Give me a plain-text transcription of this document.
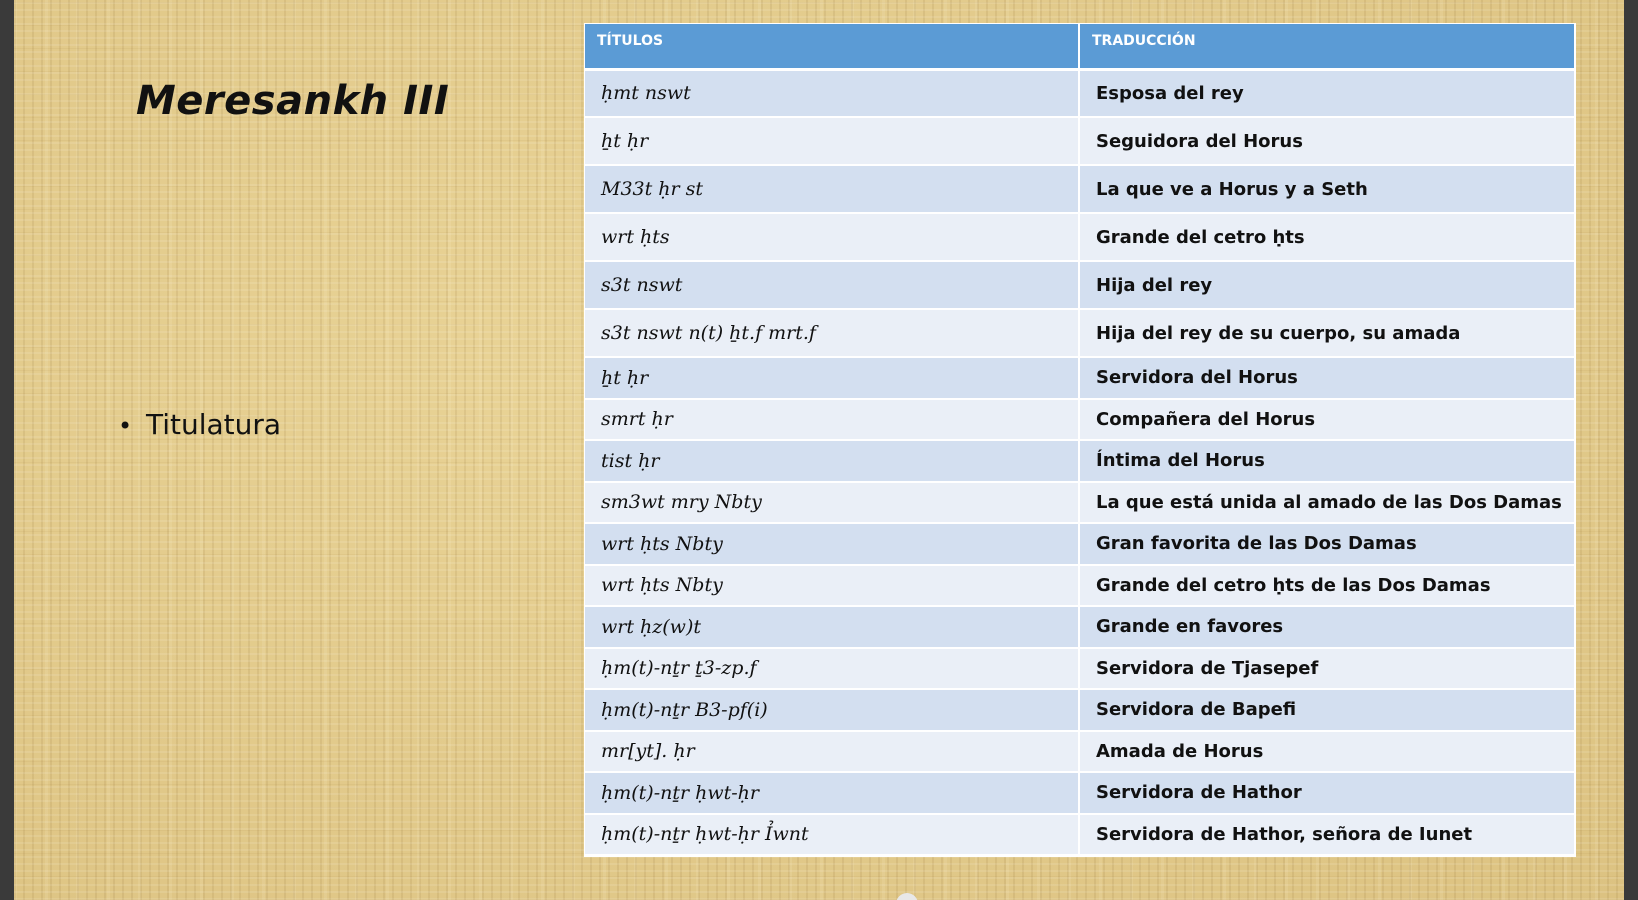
Meresankh III
• Titulatura
TÍTULOS	TRADUCCIÓN
ḥmt nswt	Esposa del rey
ẖt ḥr	Seguidora del Horus
M33t ḥr st	La que ve a Horus y a Seth
wrt ḥts	Grande del cetro ḥts
s3t nswt	Hija del rey
s3t nswt n(t) ẖt.f mrt.f	Hija del rey de su cuerpo, su amada
ẖt ḥr	Servidora del Horus
smrt ḥr	Compañera del Horus
tist ḥr	Íntima del Horus
sm3wt mry Nbty	La que está unida al amado de las Dos Damas
wrt ḥts Nbty	Gran favorita de las Dos Damas
wrt ḥts Nbty	Grande del cetro ḥts de las Dos Damas
wrt ḥz(w)t	Grande en favores
ḥm(t)-nṯr ṯ3-zp.f	Servidora de Tjasepef
ḥm(t)-nṯr B3-pf(i)	Servidora de Bapefi
mr[yt]. ḥr	Amada de Horus
ḥm(t)-nṯr ḥwt-ḥr	Servidora de Hathor
ḥm(t)-nṯr ḥwt-ḥr Ỉwnt	Servidora de Hathor, señora de Iunet
